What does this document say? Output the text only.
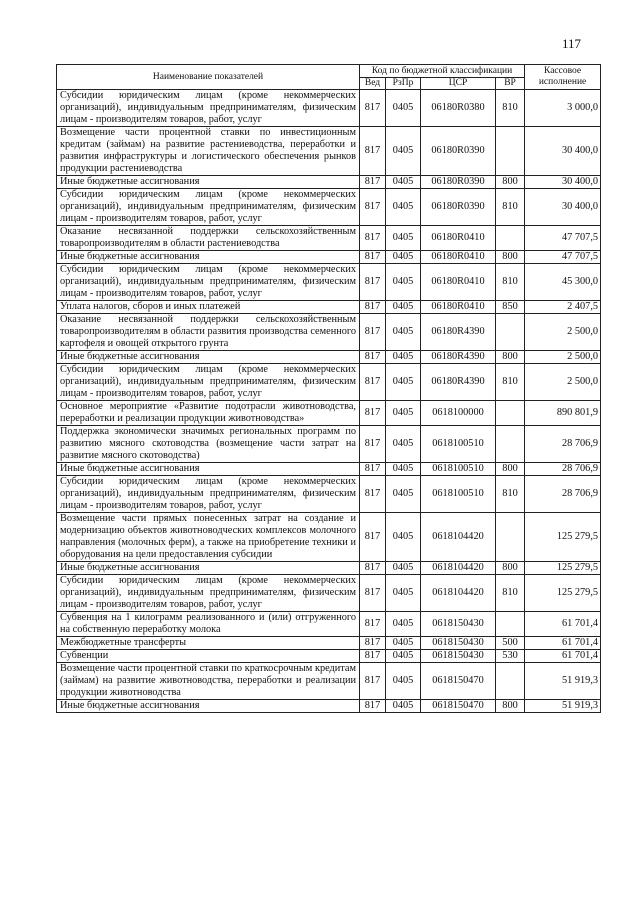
117
Наименование показателей	Код по бюджетной классификации				Кассовое исполнение
	Вед	РзПр	ЦСР	ВР	
Субсидии юридическим лицам (кроме некоммерческих организаций), индивидуальным предпринимателям, физическим лицам - производителям товаров, работ, услуг	817	0405	06180R0380	810	3 000,0
Возмещение части процентной ставки по инвестиционным кредитам (займам) на развитие растениеводства, переработки и развития инфраструктуры и логистического обеспечения рынков продукции растениеводства	817	0405	06180R0390		30 400,0
Иные бюджетные ассигнования	817	0405	06180R0390	800	30 400,0
Субсидии юридическим лицам (кроме некоммерческих организаций), индивидуальным предпринимателям, физическим лицам - производителям товаров, работ, услуг	817	0405	06180R0390	810	30 400,0
Оказание несвязанной поддержки сельскохозяйственным товаропроизводителям в области растениеводства	817	0405	06180R0410		47 707,5
Иные бюджетные ассигнования	817	0405	06180R0410	800	47 707,5
Субсидии юридическим лицам (кроме некоммерческих организаций), индивидуальным предпринимателям, физическим лицам - производителям товаров, работ, услуг	817	0405	06180R0410	810	45 300,0
Уплата налогов, сборов и иных платежей	817	0405	06180R0410	850	2 407,5
Оказание несвязанной поддержки сельскохозяйственным товаропроизводителям в области развития производства семенного картофеля и овощей открытого грунта	817	0405	06180R4390		2 500,0
Иные бюджетные ассигнования	817	0405	06180R4390	800	2 500,0
Субсидии юридическим лицам (кроме некоммерческих организаций), индивидуальным предпринимателям, физическим лицам - производителям товаров, работ, услуг	817	0405	06180R4390	810	2 500,0
Основное мероприятие «Развитие подотрасли животноводства, переработки и реализации продукции животноводства»	817	0405	0618100000		890 801,9
Поддержка экономически значимых региональных программ по развитию мясного скотоводства (возмещение части затрат на развитие мясного скотоводства)	817	0405	0618100510		28 706,9
Иные бюджетные ассигнования	817	0405	0618100510	800	28 706,9
Субсидии юридическим лицам (кроме некоммерческих организаций), индивидуальным предпринимателям, физическим лицам - производителям товаров, работ, услуг	817	0405	0618100510	810	28 706,9
Возмещение части прямых понесенных затрат на создание и модернизацию объектов животноводческих комплексов молочного направления (молочных ферм), а также на приобретение техники и оборудования на цели предоставления субсидии	817	0405	0618104420		125 279,5
Иные бюджетные ассигнования	817	0405	0618104420	800	125 279,5
Субсидии юридическим лицам (кроме некоммерческих организаций), индивидуальным предпринимателям, физическим лицам - производителям товаров, работ, услуг	817	0405	0618104420	810	125 279,5
Субвенция на 1 килограмм реализованного и (или) отгруженного на собственную переработку молока	817	0405	0618150430		61 701,4
Межбюджетные трансферты	817	0405	0618150430	500	61 701,4
Субвенции	817	0405	0618150430	530	61 701,4
Возмещение части процентной ставки по краткосрочным кредитам (займам) на развитие животноводства, переработки и реализации продукции животноводства	817	0405	0618150470		51 919,3
Иные бюджетные ассигнования	817	0405	0618150470	800	51 919,3
